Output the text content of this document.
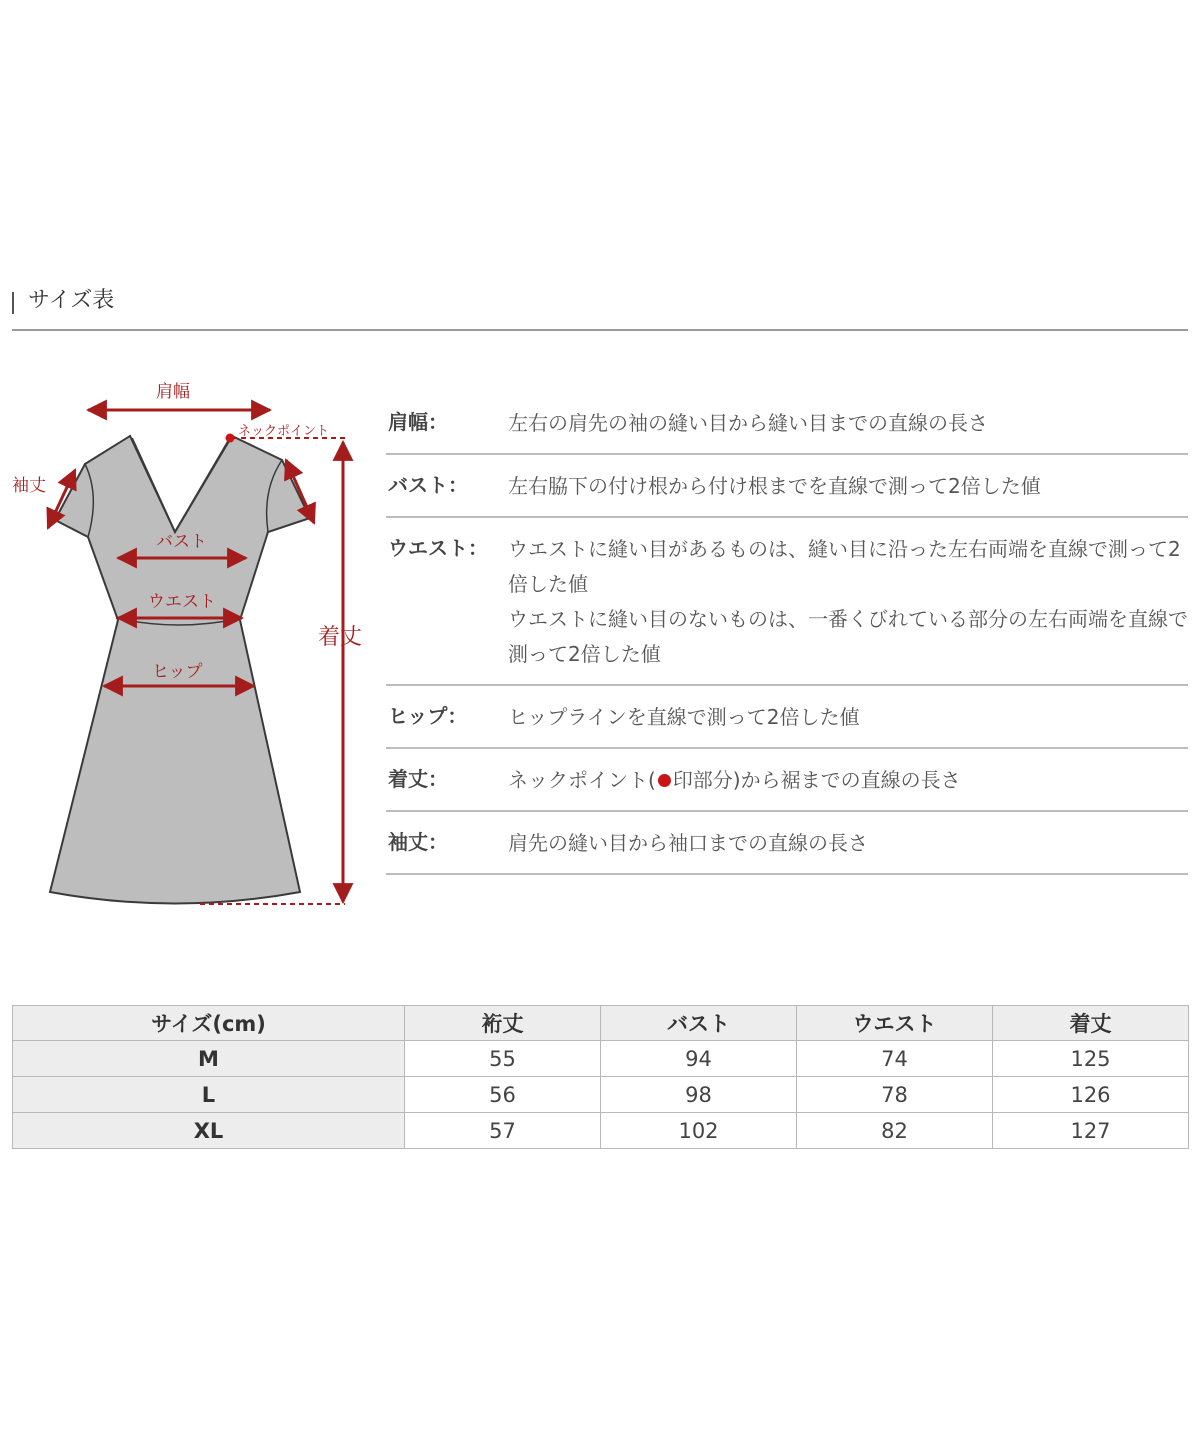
サイズ表
肩幅
ネックポイント
袖丈
バスト
ウエスト
ヒップ
着丈
肩幅：	左右の肩先の袖の縫い目から縫い目までの直線の長さ

バスト：	左右脇下の付け根から付け根までを直線で測って2倍した値

ウエスト：	ウエストに縫い目があるものは、縫い目に沿った左右両端を直線で測って2倍した値

ウエストに縫い目のないものは、一番くびれている部分の左右両端を直線で測って2倍した値

ヒップ：	ヒップラインを直線で測って2倍した値

着丈：	ネックポイント( 印部分)から裾までの直線の長さ

袖丈：	肩先の縫い目から袖口までの直線の長さ

サイズ(cm)	裄丈	バスト	ウエスト	着丈
M	55	94	74	125
L	56	98	78	126
XL	57	102	82	127
